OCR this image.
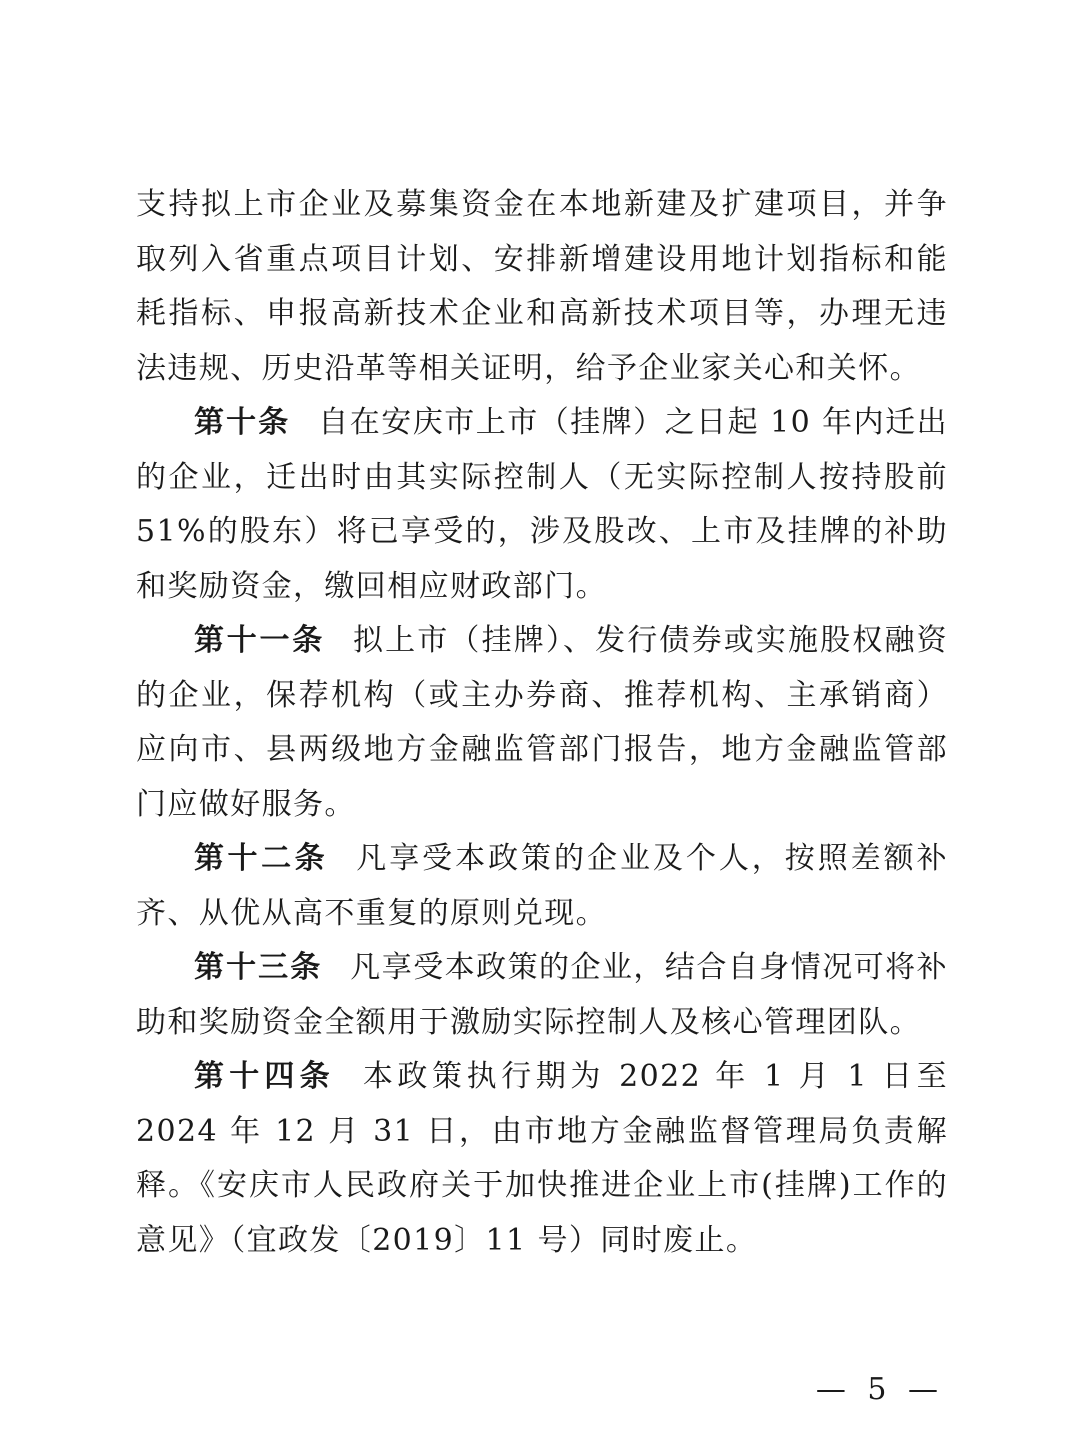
支持拟上市企业及募集资金在本地新建及扩建项目，并争取列入省重点项目计划、安排新增建设用地计划指标和能耗指标、申报高新技术企业和高新技术项目等，办理无违法违规、历史沿革等相关证明，给予企业家关心和关怀。

第十条 自在安庆市上市（挂牌）之日起 10 年内迁出的企业，迁出时由其实际控制人（无实际控制人按持股前 51%的股东）将已享受的，涉及股改、上市及挂牌的补助和奖励资金，缴回相应财政部门。

第十一条 拟上市（挂牌）、发行债券或实施股权融资的企业，保荐机构（或主办券商、推荐机构、主承销商）应向市、县两级地方金融监管部门报告，地方金融监管部门应做好服务。

第十二条 凡享受本政策的企业及个人，按照差额补齐、从优从高不重复的原则兑现。

第十三条 凡享受本政策的企业，结合自身情况可将补助和奖励资金全额用于激励实际控制人及核心管理团队。

第十四条 本政策执行期为 2022 年 1 月 1 日至 2024 年 12 月 31 日，由市地方金融监督管理局负责解释。《安庆市人民政府关于加快推进企业上市(挂牌)工作的意见》（宜政发〔2019〕11 号）同时废止。

— 5 —
